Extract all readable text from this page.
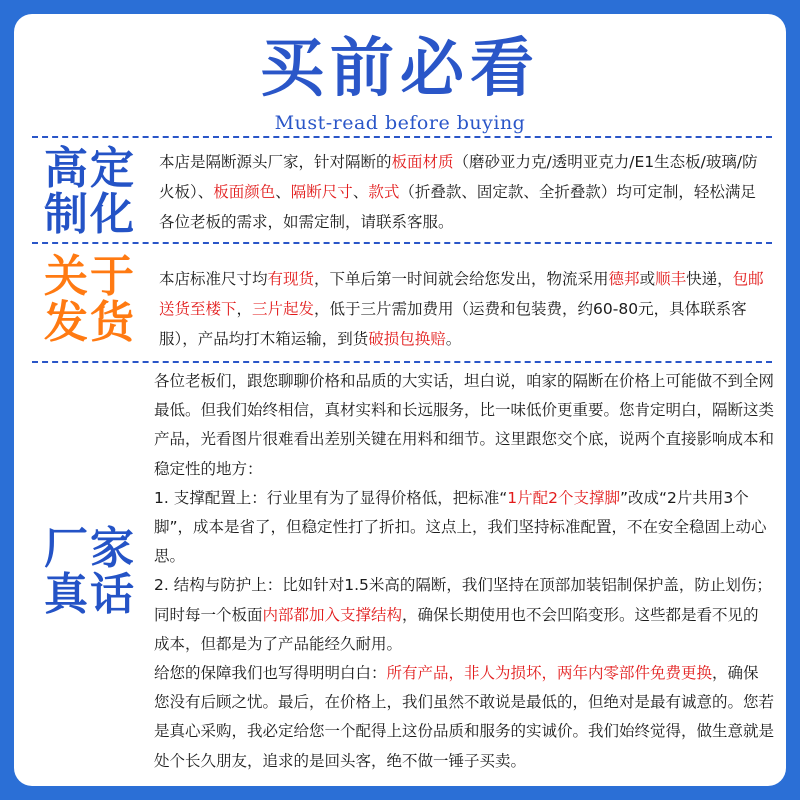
买前必看
Must-read before buying
高定
制化

本店是隔断源头厂家，针对隔断的板面材质（磨砂亚力克/透明亚克力/E1生态板/玻璃/防火板）、板面颜色、隔断尺寸、款式（折叠款、固定款、全折叠款）均可定制，轻松满足各位老板的需求，如需定制，请联系客服。

关于
发货

本店标准尺寸均有现货，下单后第一时间就会给您发出，物流采用德邦或顺丰快递，包邮送货至楼下，三片起发，低于三片需加费用（运费和包装费，约60-80元，具体联系客服），产品均打木箱运输，到货破损包换赔。

厂家
真话

各位老板们，跟您聊聊价格和品质的大实话，坦白说，咱家的隔断在价格上可能做不到全网最低。但我们始终相信，真材实料和长远服务，比一味低价更重要。您肯定明白，隔断这类产品，光看图片很难看出差别关键在用料和细节。这里跟您交个底，说两个直接影响成本和稳定性的地方：

1. 支撑配置上：行业里有为了显得价格低，把标准“1片配2个支撑脚”改成“2片共用3个脚”，成本是省了，但稳定性打了折扣。这点上，我们坚持标准配置，不在安全稳固上动心思。

2. 结构与防护上：比如针对1.5米高的隔断，我们坚持在顶部加装铝制保护盖，防止划伤；同时每一个板面内部都加入支撑结构，确保长期使用也不会凹陷变形。这些都是看不见的成本，但都是为了产品能经久耐用。

给您的保障我们也写得明明白白：所有产品，非人为损坏，两年内零部件免费更换，确保您没有后顾之忧。最后，在价格上，我们虽然不敢说是最低的，但绝对是最有诚意的。您若是真心采购，我必定给您一个配得上这份品质和服务的实诚价。我们始终觉得，做生意就是处个长久朋友，追求的是回头客，绝不做一锤子买卖。
